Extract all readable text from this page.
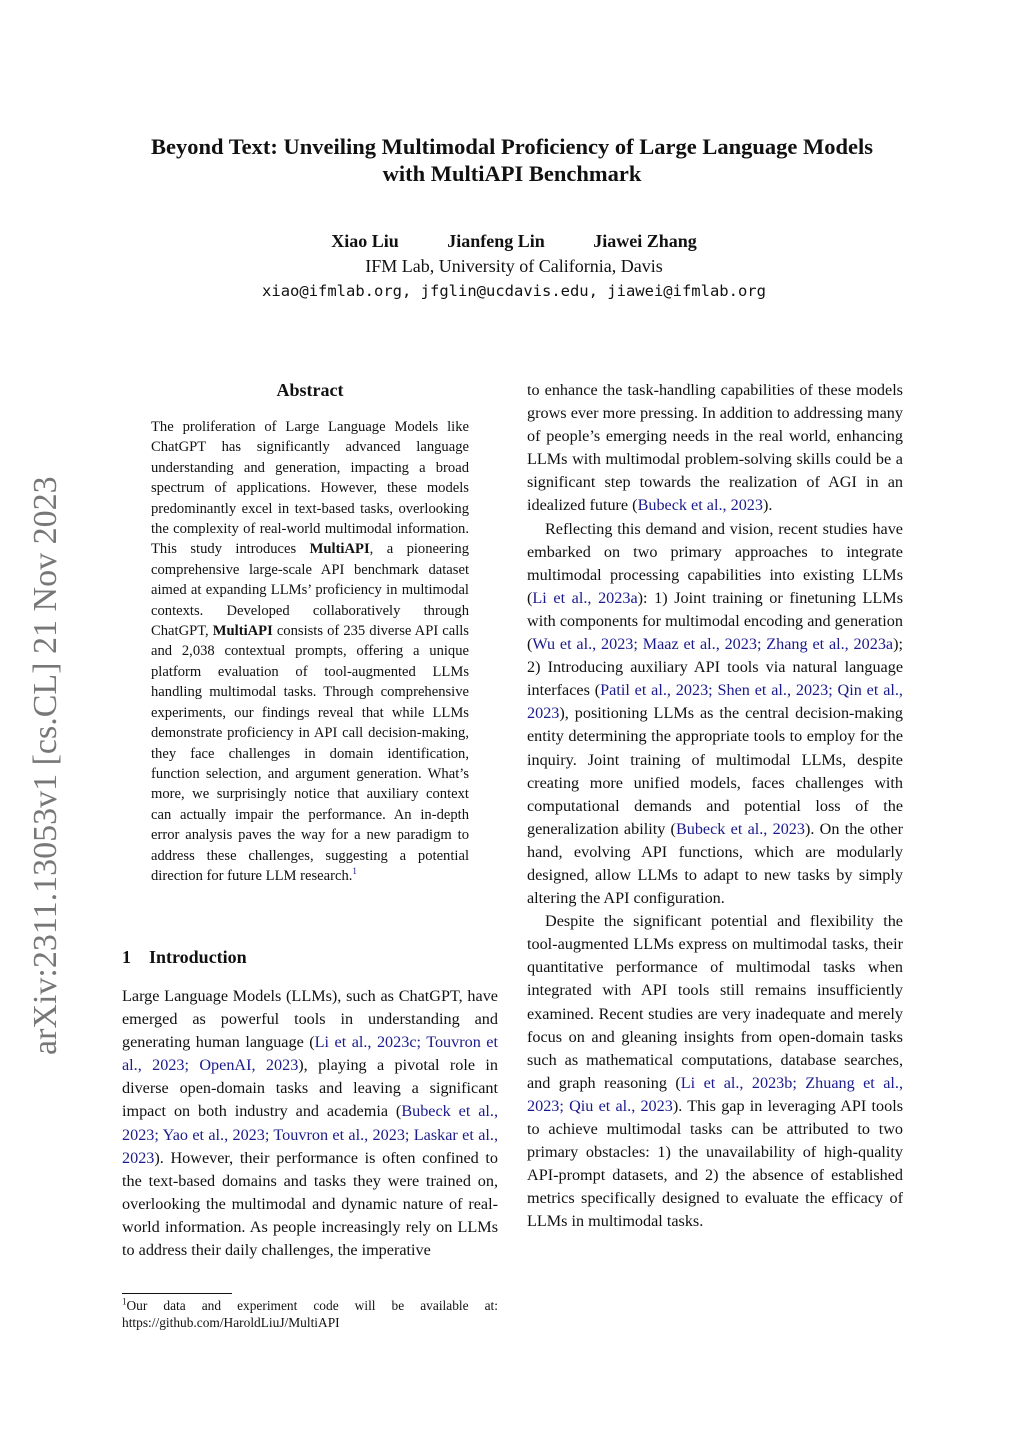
arXiv:2311.13053v1 [cs.CL] 21 Nov 2023
Beyond Text: Unveiling Multimodal Proficiency of Large Language Models
with MultiAPI Benchmark
Xiao Liu	Jianfeng Lin	Jiawei Zhang
IFM Lab, University of California, Davis
xiao@ifmlab.org, jfglin@ucdavis.edu, jiawei@ifmlab.org
Abstract

The proliferation of Large Language Models like ChatGPT has significantly advanced language understanding and generation, impacting a broad spectrum of applications. However, these models predominantly excel in text-based tasks, overlooking the complexity of real-world multimodal information. This study introduces MultiAPI, a pioneering comprehensive large-scale API benchmark dataset aimed at expanding LLMs’ proficiency in multimodal contexts. Developed collaboratively through ChatGPT, MultiAPI consists of 235 diverse API calls and 2,038 contextual prompts, offering a unique platform evaluation of tool-augmented LLMs handling multimodal tasks. Through comprehensive experiments, our findings reveal that while LLMs demonstrate proficiency in API call decision-making, they face challenges in domain identification, function selection, and argument generation. What’s more, we surprisingly notice that auxiliary context can actually impair the performance. An in-depth error analysis paves the way for a new paradigm to address these challenges, suggesting a potential direction for future LLM research.$^1$

1 Introduction

Large Language Models (LLMs), such as ChatGPT, have emerged as powerful tools in understanding and generating human language (Li et al., 2023c; Touvron et al., 2023; OpenAI, 2023), playing a pivotal role in diverse open-domain tasks and leaving a significant impact on both industry and academia (Bubeck et al., 2023; Yao et al., 2023; Touvron et al., 2023; Laskar et al., 2023). However, their performance is often confined to the text-based domains and tasks they were trained on, overlooking the multimodal and dynamic nature of real-world information. As people increasingly rely on LLMs to address their daily challenges, the imperative

to enhance the task-handling capabilities of these models grows ever more pressing. In addition to addressing many of people’s emerging needs in the real world, enhancing LLMs with multimodal problem-solving skills could be a significant step towards the realization of AGI in an idealized future (Bubeck et al., 2023).

Reflecting this demand and vision, recent studies have embarked on two primary approaches to integrate multimodal processing capabilities into existing LLMs (Li et al., 2023a): 1) Joint training or finetuning LLMs with components for multimodal encoding and generation (Wu et al., 2023; Maaz et al., 2023; Zhang et al., 2023a); 2) Introducing auxiliary API tools via natural language interfaces (Patil et al., 2023; Shen et al., 2023; Qin et al., 2023), positioning LLMs as the central decision-making entity determining the appropriate tools to employ for the inquiry. Joint training of multimodal LLMs, despite creating more unified models, faces challenges with computational demands and potential loss of the generalization ability (Bubeck et al., 2023). On the other hand, evolving API functions, which are modularly designed, allow LLMs to adapt to new tasks by simply altering the API configuration.

Despite the significant potential and flexibility the tool-augmented LLMs express on multimodal tasks, their quantitative performance of multimodal tasks when integrated with API tools still remains insufficiently examined. Recent studies are very inadequate and merely focus on and gleaning insights from open-domain tasks such as mathematical computations, database searches, and graph reasoning (Li et al., 2023b; Zhuang et al., 2023; Qiu et al., 2023). This gap in leveraging API tools to achieve multimodal tasks can be attributed to two primary obstacles: 1) the unavailability of high-quality API-prompt datasets, and 2) the absence of established metrics specifically designed to evaluate the efficacy of LLMs in multimodal tasks.

$^1$Our data and experiment code will be available at: https://github.com/HaroldLiuJ/MultiAPI
